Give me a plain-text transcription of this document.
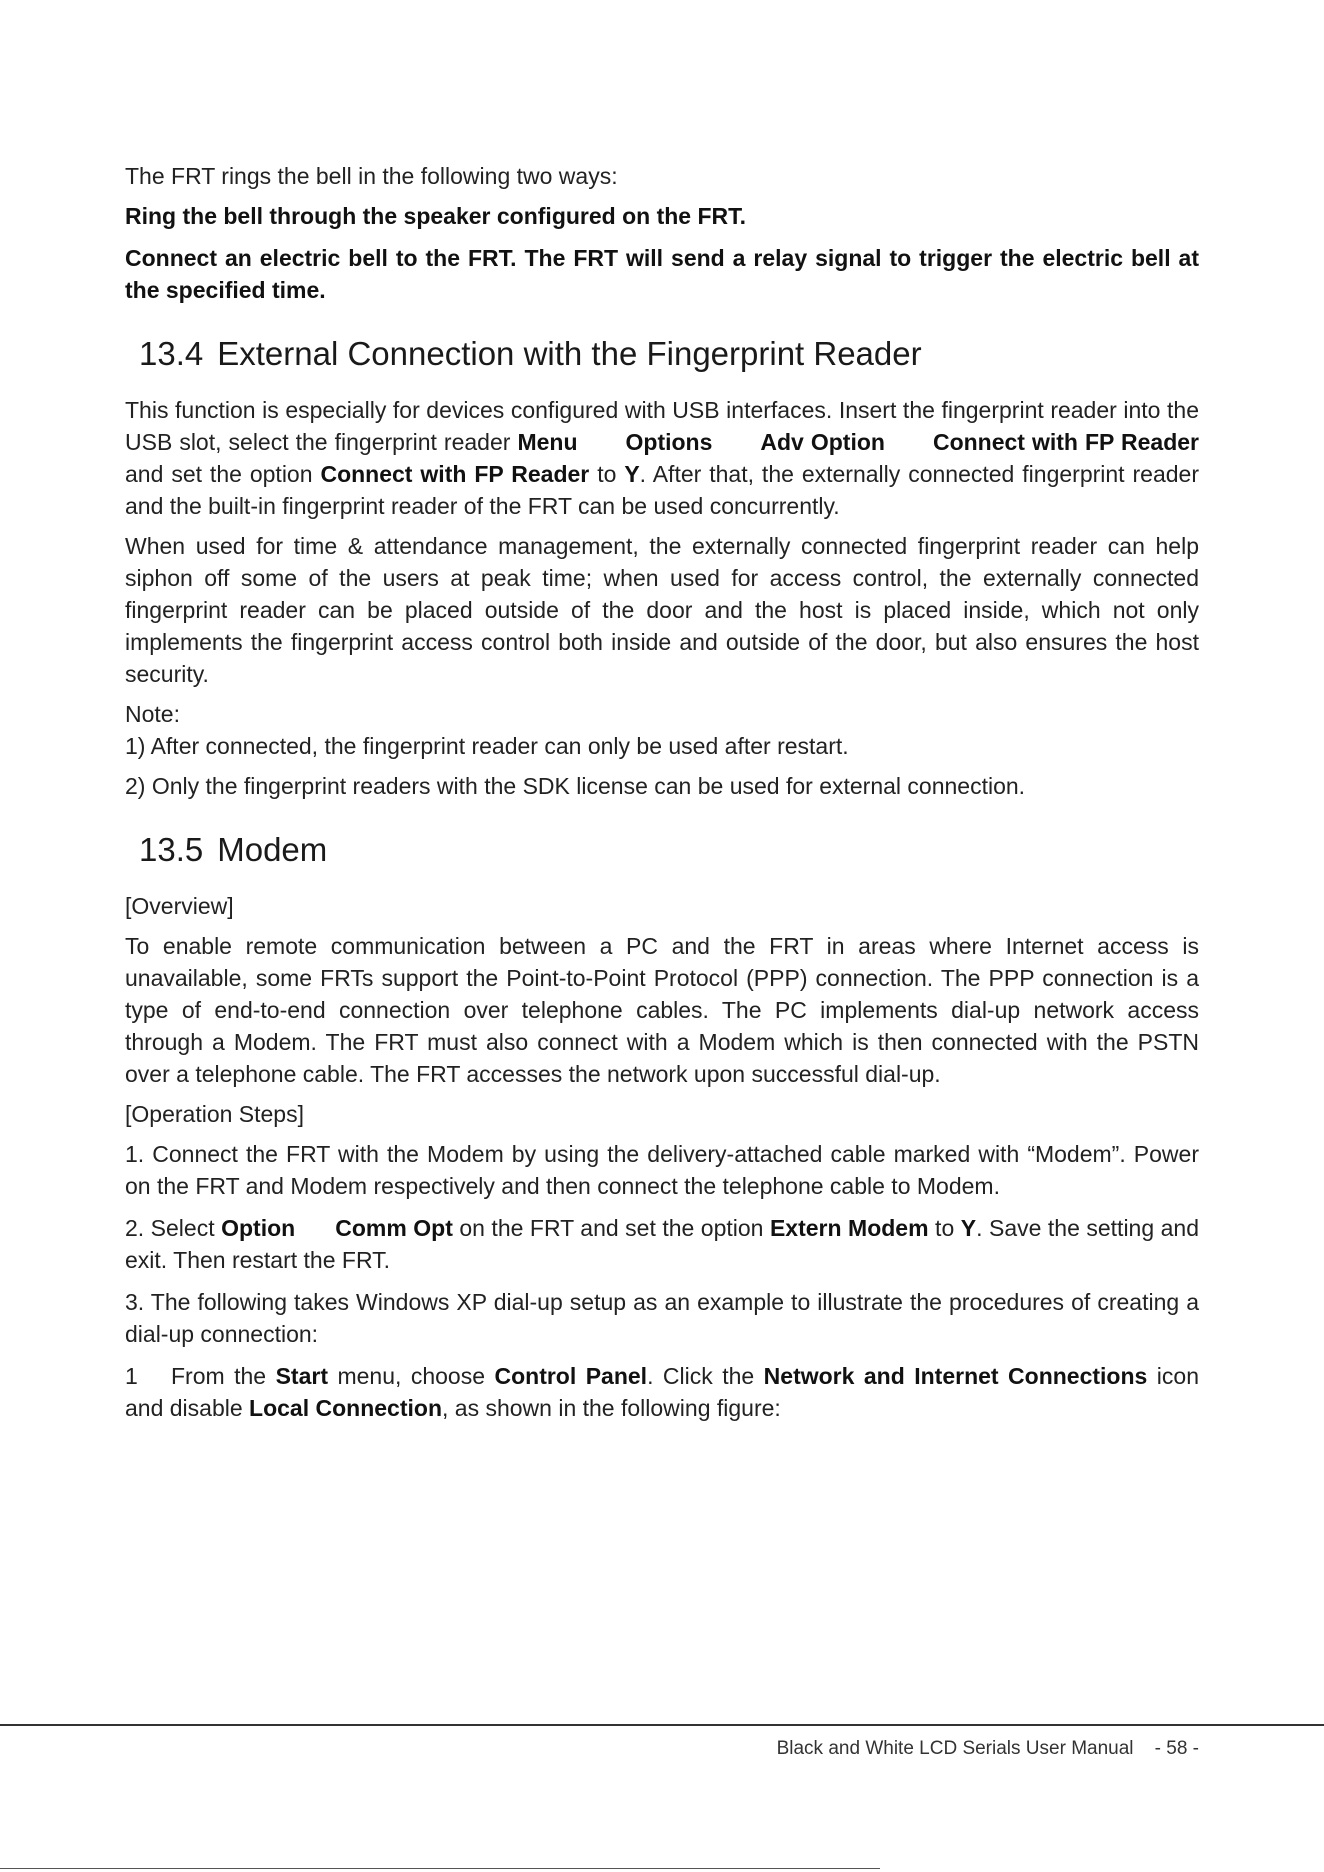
The FRT rings the bell in the following two ways:

Ring the bell through the speaker configured on the FRT.

Connect an electric bell to the FRT. The FRT will send a relay signal to trigger the electric bell at the specified time.

13.4 External Connection with the Fingerprint Reader

This function is especially for devices configured with USB interfaces. Insert the fingerprint reader into the USB slot, select the fingerprint reader Menu Options Adv Option Connect with FP Reader and set the option Connect with FP Reader to Y. After that, the externally connected fingerprint reader and the built-in fingerprint reader of the FRT can be used concurrently.

When used for time & attendance management, the externally connected fingerprint reader can help siphon off some of the users at peak time; when used for access control, the externally connected fingerprint reader can be placed outside of the door and the host is placed inside, which not only implements the fingerprint access control both inside and outside of the door, but also ensures the host security.

Note:

1) After connected, the fingerprint reader can only be used after restart.

2) Only the fingerprint readers with the SDK license can be used for external connection.

13.5 Modem

[Overview]

To enable remote communication between a PC and the FRT in areas where Internet access is unavailable, some FRTs support the Point-to-Point Protocol (PPP) connection. The PPP connection is a type of end-to-end connection over telephone cables. The PC implements dial-up network access through a Modem. The FRT must also connect with a Modem which is then connected with the PSTN over a telephone cable. The FRT accesses the network upon successful dial-up.

[Operation Steps]

1. Connect the FRT with the Modem by using the delivery-attached cable marked with “Modem”. Power on the FRT and Modem respectively and then connect the telephone cable to Modem.

2. Select Option Comm Opt on the FRT and set the option Extern Modem to Y. Save the setting and exit. Then restart the FRT.

3. The following takes Windows XP dial-up setup as an example to illustrate the procedures of creating a dial-up connection:

1 From the Start menu, choose Control Panel. Click the Network and Internet Connections icon and disable Local Connection, as shown in the following figure:

Black and White LCD Serials User Manual - 58 -
